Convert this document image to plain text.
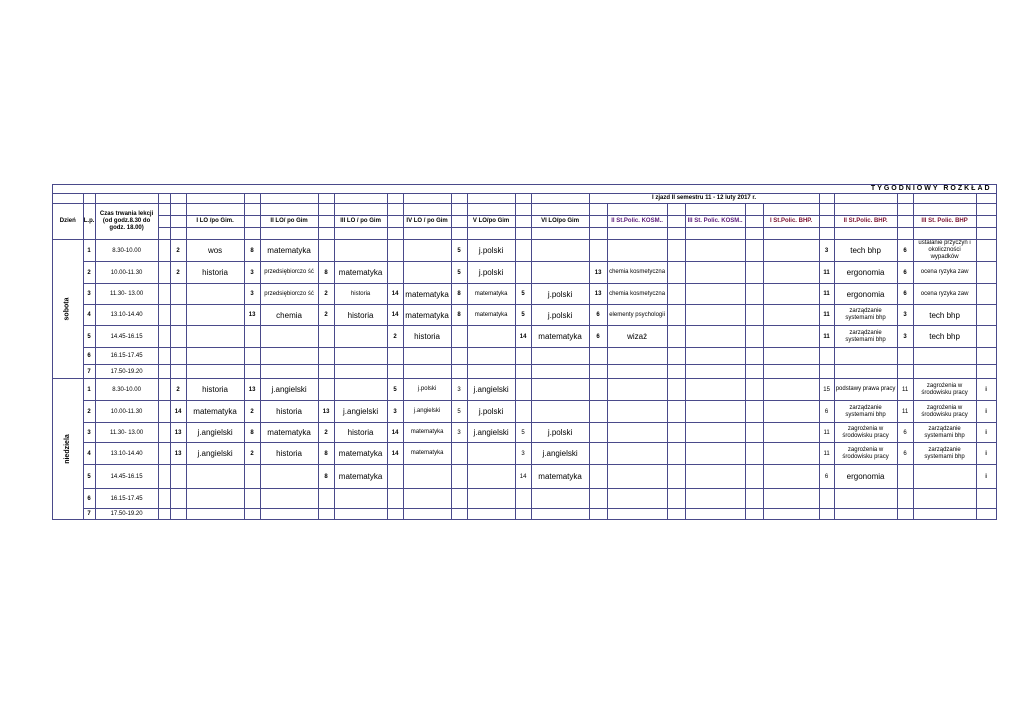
TYGODNIOWY ROZKŁAD																										
																I zjazd II semestru 11 - 12 luty 2017 r.										
Dzień	L.p.	Czas trwania lekcji (od godz.8.30 do godz. 18.00)																								
					I LO /po Gim.		II LO/ po Gim		III LO / po Gim		IV LO / po Gim		V LO/po Gim		VI LO/po Gim		II St.Polic. KOSM..		III St. Polic. KOSM..		I St.Polic. BHP.		II St.Polic. BHP.		III St. Polic. BHP	

sobota	1	8.30-10.00		2	wos	8	matematyka					5	j.polski									3	tech bhp	6	ustalanie przyczyn i okoliczności wypadków	
	2	10.00-11.30		2	historia	3	przedsiębiorczo ść	8	matematyka			5	j.polski			13	chemia kosmetyczna					11	ergonomia	6	ocena ryzyka zaw	
	3	11.30- 13.00				3	przedsiębiorczo ść	2	historia	14	matematyka	8	matematyka	5	j.polski	13	chemia kosmetyczna					11	ergonomia	6	ocena ryzyka zaw	
	4	13.10-14.40				13	chemia	2	historia	14	matematyka	8	matematyka	5	j.polski	6	elementy psychologii					11	zarządzanie systemami bhp	3	tech bhp	
	5	14.45-16.15								2	historia			14	matematyka	6	wizaż					11	zarządzanie systemami bhp	3	tech bhp	
	6	16.15-17.45																								
	7	17.50-19.20																								
niedziela	1	8.30-10.00		2	historia	13	j.angielski			5	j.polski	3	j.angielski									15	podstawy prawa pracy	11	zagrożenia w środowisku pracy	i
	2	10.00-11.30		14	matematyka	2	historia	13	j.angielski	3	j.angielski	5	j.polski									6	zarządzanie systemami bhp	11	zagrożenia w środowisku pracy	i
	3	11.30- 13.00		13	j.angielski	8	matematyka	2	historia	14	matematyka	3	j.angielski	5	j.polski							11	zagrożenia w środowisku pracy	6	zarządzanie systemami bhp	i
	4	13.10-14.40		13	j.angielski	2	historia	8	matematyka	14	matematyka			3	j.angielski							11	zagrożenia w środowisku pracy	6	zarządzanie systemami bhp	i
	5	14.45-16.15						8	matematyka					14	matematyka							6	ergonomia			i
	6	16.15-17.45																								
	7	17.50-19.20																								
